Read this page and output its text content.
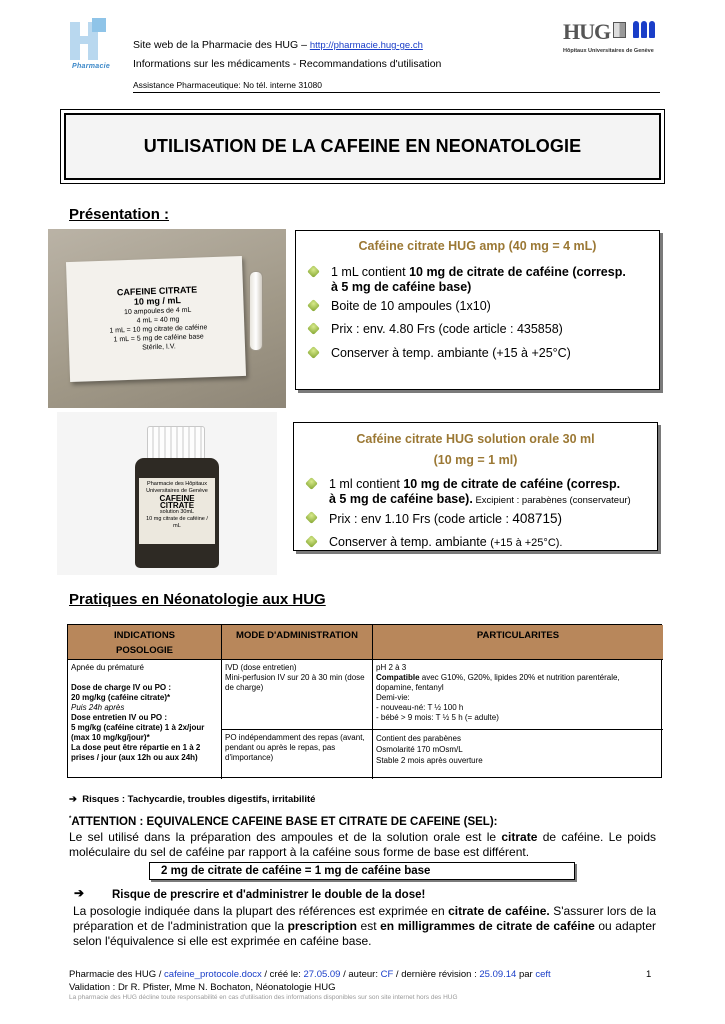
Pharmacie
Site web de la Pharmacie des HUG – http://pharmacie.hug-ge.ch
Informations sur les médicaments - Recommandations d'utilisation
Assistance Pharmaceutique: No tél. interne 31080
HUG
Hôpitaux Universitaires de Genève
UTILISATION DE LA CAFEINE EN NEONATOLOGIE
Présentation :
CAFEINE CITRATE
10 mg / mL
10 ampoules de 4 mL
4 mL = 40 mg
1 mL = 10 mg citrate de caféine
1 mL = 5 mg de caféine base
Stérile, I.V.
Caféine citrate HUG amp (40 mg = 4 mL)
1 mL contient 10 mg de citrate de caféine (corresp.
à 5 mg de caféine base)
Boite de 10 ampoules (1x10)
Prix : env. 4.80 Frs (code article : 435858)
Conserver à temp. ambiante (+15 à +25°C)
Pharmacie des Hôpitaux Universitaires de Genève
CAFEINE CITRATE
solution 30mL
10 mg citrate de caféine / mL
Caféine citrate HUG solution orale 30 ml
(10 mg = 1 ml)
1 ml contient 10 mg de citrate de caféine (corresp.
à 5 mg de caféine base). Excipient : parabènes (conservateur)
Prix : env 1.10 Frs (code article : 408715)
Conserver à temp. ambiante (+15 à +25°C).
Pratiques en Néonatologie aux HUG
INDICATIONS
POSOLOGIE
MODE D'ADMINISTRATION	PARTICULARITES
Apnée du prématuré

Dose de charge IV ou PO :
20 mg/kg (caféine citrate)*
Puis 24h après
Dose entretien IV ou PO :
5 mg/kg (caféine citrate) 1 à 2x/jour
(max 10 mg/kg/jour)*
La dose peut être répartie en 1 à 2
prises / jour (aux 12h ou aux 24h)
IVD (dose entretien)
Mini-perfusion IV sur 20 à 30 min (dose
de charge)
PO indépendamment des repas (avant,
pendant ou après le repas, pas
d'importance)
pH 2 à 3
Compatible avec G10%, G20%, lipides 20% et nutrition parentérale,
dopamine, fentanyl
Demi-vie:
- nouveau-né: T ½ 100 h
- bébé > 9 mois: T ½ 5 h (= adulte)
Contient des parabènes
Osmolarité 170 mOsm/L
Stable 2 mois après ouverture
➔ Risques : Tachycardie, troubles digestifs, irritabilité
*ATTENTION : EQUIVALENCE CAFEINE BASE ET CITRATE DE CAFEINE (SEL):
Le sel utilisé dans la préparation des ampoules et de la solution orale est le citrate de caféine. Le poids moléculaire du sel de caféine par rapport à la caféine sous forme de base est différent.
2 mg de citrate de caféine = 1 mg de caféine base
➔ Risque de prescrire et d'administrer le double de la dose!
La posologie indiquée dans la plupart des références est exprimée en citrate de caféine. S'assurer lors de la préparation et de l'administration que la prescription est en milligrammes de citrate de caféine ou adapter selon l'équivalence si elle est exprimée en caféine base.
Pharmacie des HUG / cafeine_protocole.docx / créé le: 27.05.09 / auteur: CF / dernière révision : 25.09.14 par ceft	1
Validation : Dr R. Pfister, Mme N. Bochaton, Néonatologie HUG
La pharmacie des HUG décline toute responsabilité en cas d'utilisation des informations disponibles sur son site internet hors des HUG
